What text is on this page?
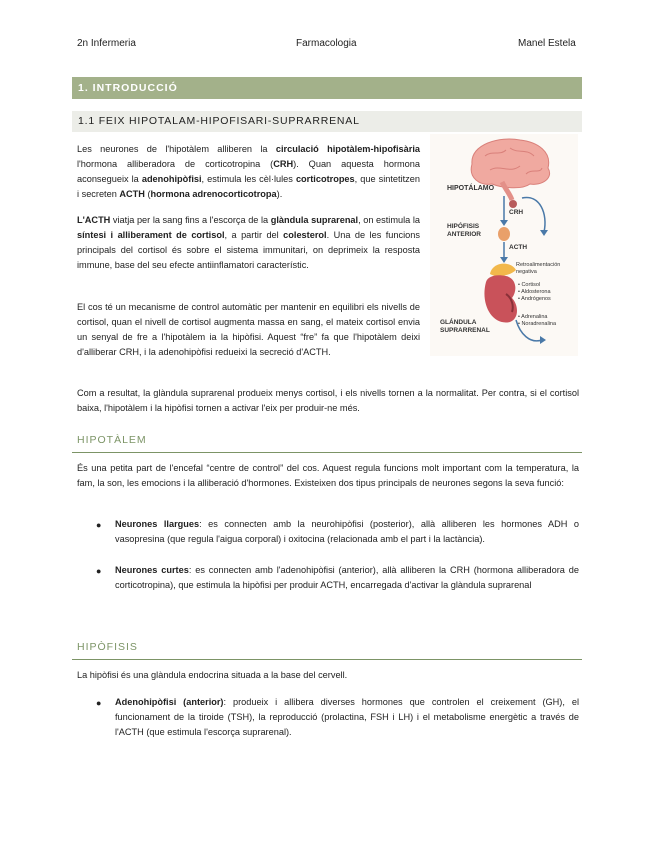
2n Infermeria	Farmacologia	Manel Estela
1. INTRODUCCIÓ
1.1 FEIX HIPOTALAM-HIPOFISARI-SUPRARRENAL
Les neurones de l'hipotàlem alliberen la circulació hipotàlem-hipofisària l'hormona alliberadora de corticotropina (CRH). Quan aquesta hormona aconsegueix la adenohipòfisi, estimula les cèl·lules corticotropes, que sintetitzen i secreten ACTH (hormona adrenocorticotropa).
L'ACTH viatja per la sang fins a l'escorça de la glàndula suprarenal, on estimula la síntesi i alliberament de cortisol, a partir del colesterol. Una de les funcions principals del cortisol és sobre el sistema immunitari, on deprimeix la resposta immune, base del seu efecte antiinflamatori característic.
El cos té un mecanisme de control automàtic per mantenir en equilibri els nivells de cortisol, quan el nivell de cortisol augmenta massa en sang, el mateix cortisol envia un senyal de fre a l'hipotàlem ia la hipòfisi. Aquest “fre” fa que l'hipotàlem deixi d'alliberar CRH, i la adenohipòfisi redueixi la secreció d'ACTH.
Com a resultat, la glàndula suprarenal produeix menys cortisol, i els nivells tornen a la normalitat. Per contra, si el cortisol baixa, l'hipotàlem i la hipòfisi tornen a activar l'eix per produir-ne més.
HIPOTÁLAMO
CRH
HIPÓFISIS
ANTERIOR
ACTH
Retroalimentación
negativa
• Cortisol
• Aldosterona
• Andrógenos
• Adrenalina
• Noradrenalina
GLÁNDULA
SUPRARRENAL
HIPOTÀLEM
És una petita part de l'encefal “centre de control” del cos. Aquest regula funcions molt important com la temperatura, la fam, la son, les emocions i la alliberació d'hormones. Existeixen dos tipus principals de neurones segons la seva funció:
● Neurones llargues: es connecten amb la neurohipòfisi (posterior), allà alliberen les hormones ADH o vasopresina (que regula l'aigua corporal) i oxitocina (relacionada amb el part i la lactància).
● Neurones curtes: es connecten amb l'adenohipòfisi (anterior), allà alliberen la CRH (hormona alliberadora de corticotropina), que estimula la hipòfisi per produir ACTH, encarregada d'activar la glàndula suprarenal
HIPÒFISIS
La hipòfisi és una glàndula endocrina situada a la base del cervell.
● Adenohipòfisi (anterior): produeix i allibera diverses hormones que controlen el creixement (GH), el funcionament de la tiroide (TSH), la reproducció (prolactina, FSH i LH) i el metabolisme energètic a través de l'ACTH (que estimula l'escorça suprarenal).
